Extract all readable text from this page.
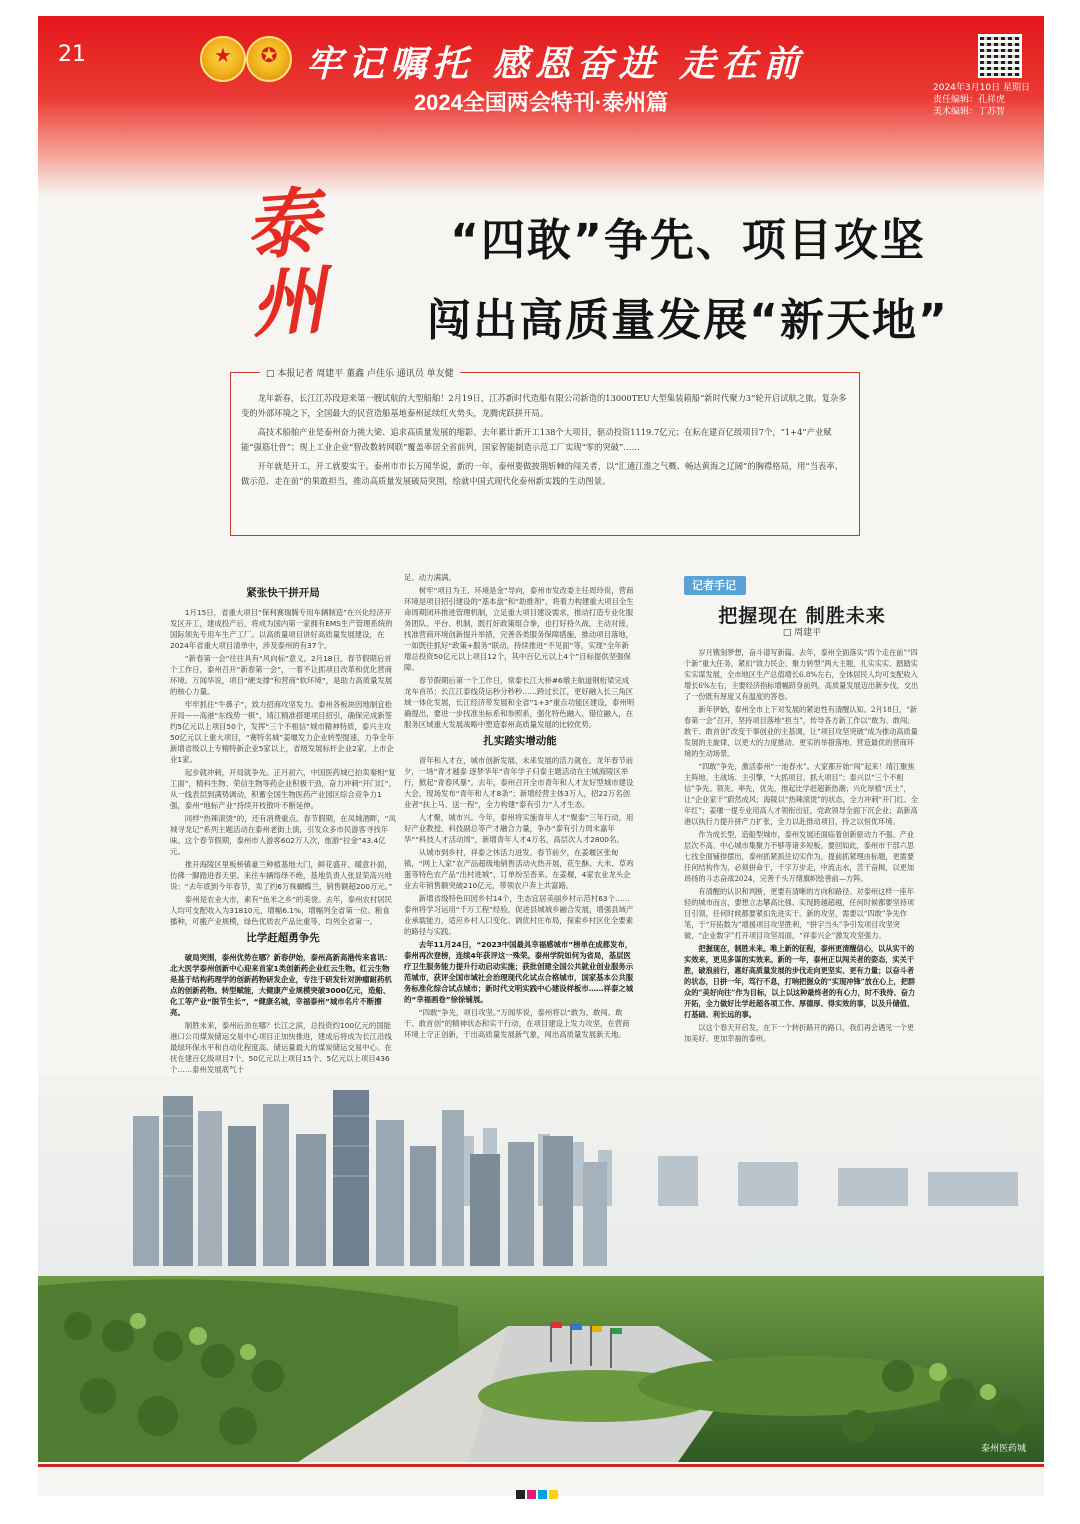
21	★	✪ 牢记嘱托 感恩奋进 走在前
2024全国两会特刊·泰州篇
2024年3月10日 星期日
责任编辑：孔祥虎
美术编辑：丁苏智
泰州
“四敢”争先、项目攻坚
闯出高质量发展“新天地”

龙年新春，长江江苏段迎来第一艘试航的大型船舶！2月19日，江苏新时代造船有限公司新造的13000TEU大型集装箱船“新时代聚力3”轮开启试航之旅。复杂多变的外部环境之下，全国最大的民营造船基地泰州延续红火势头，龙腾虎跃拼开局。

高技术船舶产业是泰州奋力挑大梁、追求高质量发展的缩影。去年累计新开工138个大项目，驱动投资1119.7亿元；在耘在建百亿级项目7个，“1+4”产业赋能“强筋壮骨”；规上工业企业“智改数转网联”覆盖率居全省前列，国家智能制造示范工厂实现“零的突破”……

开年就是开工，开工就要实干。泰州市市长万闻华说，新的一年，泰州要做披荆斩棘的闯关者，以“汇通江淮之气概、畅达黄海之辽阔”的胸襟格局，用“当表率、做示范、走在前”的果敢担当，推动高质量发展破局突围，绘就中国式现代化泰州新实践的生动图景。

□ 本报记者 周建平 董鑫 卢佳乐 通讯员 单友健
紧张快干拼开局

1月15日，省重大项目“保利赛瑞腾专用车辆制造”在兴化经济开发区开工，建成投产后，将成为国内第一家拥有EMS生产管理系统的国际领先专用车生产工厂。以高质量项目讲好高质量发展建设，在2024年省重大项目清单中，涉及泰州的有37个。

“新春第一会”往往具有“风向标”意义。2月18日，春节假期后首个工作日，泰州召开“新春第一会”，一着不让抓项目改革和优化营商环境。万闻华说，项目“硬支撑”和营商“软环境”，是助力高质量发展的核心力量。

牢牢抓住“牛鼻子”，致力招商攻坚发力。泰州各板块因地制宜抢开局——高港“东线势一棋”，靖江精准搭建项目招引，确保完成新签约5亿元以上项目50个，发挥“三个不相信”城市精神特质，泰兴主攻50亿元以上重大项目，“赛特名城”姜堰发力企业转型提速，力争全年新增省级以上专精特新企业5家以上，省级发展标杆企业2家，上市企业1家。

起步就冲刺，开局就争先。正月初六，中国医药城已拍卖秦相“复工面”，精科生物、荣信生物等药企业积极干劲，奋力冲刺“开门红”。从一线表层到满势调动，积蓄全国生物医药产业园区综合竞争力1强，泰州“地标产业”持续开枝散叶不断延伸。

同样“热辣滚烫”的，还有消费重点。春节假期，在凤城酒畔，“凤城寻龙记”系列主题活动在泰州老街上演，引发众多市民游客寻找年味。这个春节假期，泰州市人游客602万人次，旅游“拉金”43.4亿元。

推开海陵区里板桥镇豪兰种植基地大门，鲜花盛开、暖意扑面，仿佛一脚踏进春天里。来往车辆络绎不绝，基地负责人张显荣高兴地说：“去年底到今年春节，卖了约6万株蝴蝶兰，销售额超200万元。”

泰州是农业大市，素有“鱼米之乡”的美誉。去年，泰州农村居民人均可支配收入为31810元，增幅6.1%，增幅列全省第一位。粮食播种，可搬产业规模，绿色优质农产品比重等，均列全省第一。

比学赶超勇争先

破局突围，泰州优势在哪？新春伊始，泰州高新高港传来喜讯：北大医学泰州创新中心迎来首家1类创新药企业红云生物。红云生物是基于结构药理学的创新药物研发企业，专注于研发针对肿瘤耐药机点的创新药物。转型赋能，大健康产业规模突破3000亿元，造船、化工等产业“脱节生长”，“健康名城，幸福泰州”城市名片不断擦亮。

制胜未来，泰州后劲在哪？长江之滨，总投资约100亿元的国能港口公司煤炭储运交易中心项目正加快推进，建成后将成为长江沿线最绿环保水平和自动化程度高、储运量最大的煤炭储运交易中心。在抚在建百亿级项目7个、50亿元以上项目15个、5亿元以上项目436个……泰州发展底气十

足、动力满满。

树牢“项目为王、环境是金”导向，泰州市发改委主任周玲说，营商环境是项目招引建设的“基本盘”和“助推剂”，将着力构建重大项目全生命周期闭环推进管理机制，立足重大项目建设需求，推动打造专业化服务团队、平台、机制，既打好政策组合拳，也打好持久战，主动对接，找准营商环境创新提升举措，完善各类服务保障措施，推动项目落地，一如既往抓好“政策+服务”联动，持续推进“不见面”等，实现“全年新增总投资50亿元以上项目12个，其中百亿元以上4个”目标提供坚强保障。

春节假期后第一个工作日，常泰长江大桥#6墩主航道钢桁梁完成龙车首吊；长江江泰线货运秒分秒秒……跨过长江，更好融入长三角区域一体化发展，长江经济带发展和全省“1+3”重点功能区建设，泰州明确提出，要进一步找准坐标系和参照系，强化特色融入、错位融入，在服务区域重大发展战略中塑造泰州高质量发展的比较优势。

扎实踏实增动能

青年和人才在，城市创新发展、未来发展的活力就在。龙年春节前夕，一场“青才越泰 逐梦华年”青年学子归泰主题活动在主城海陵区举行，掀起“青春风暴”。去年，泰州召开全市青年和人才友好型城市建设大会，现场发布“青年和人才8条”；新增经营主体3万人，招22万名创业者“扶上马、送一程”，全力构建“泰有引力”人才生态。

人才聚，城市兴。今年，泰州将实施青年人才“聚泰”三年行动，用好产业教授、科技副总等产才融合力量，争办“泰有引力周末嘉年华”“科技人才活动周”，新增青年人才4万名，高层次人才2800名。

从城市到乡村，祥泰之休活力迸发。春节前夕，在姜堰区张甸镇，“网上人家”农产品超级地销售活动火热开展，花生酥、大米、草鸡蛋等特色农产品“出村进城”，订单纷至沓来。在姜堰，4家农业龙头企业去年销售额突破210亿元，带领农户奔上共富路。

新增省级特色田园乡村14个，生态宜居美丽乡村示范村63个……泰州将学习运用“千万工程”经验，促进县城城乡融合发展，增强县域产业承载能力，适应乡村人口变化、调优村庄布局，探索乡村区化全要素的路径与实践。

去年11月24日，“2023中国最具幸福感城市”榜单在成都发布，泰州再次登榜，连续4年获评这一殊荣。泰州学院如何为省局，基层医疗卫生服务能力提升行动启动实施；获批创建全国公共就业创业服务示范城市，获评全国市域社会治理现代化试点合格城市，国家基本公共服务标准化综合试点城市；新时代文明实践中心建设样板市……祥泰之城的“幸福画卷”徐徐铺展。

“四敢”争先，项目攻坚。”万闻华说，泰州将以“敢为、敢闯、敢干、敢首创”的精神状态和实干行动，在项目建设上发力攻坚，在营商环境上守正创新，干出高质量发展新气象，闯出高质量发展新天地。

记者手记
把握现在 制胜未来
□ 周建平

岁月镌刻梦想，奋斗谱写新篇。去年，泰州全面落实“四个走在前”“四个新”重大任务，紧扣“致力民企、聚力转型”两大主题，扎实实实、踏踏实实实谋发展，全市地区生产总值增长6.8%左右，全体居民人均可支配收入增长6%左右，主要经济指标增幅跻身前列，高质量发展迈出新步伐，交出了一份既有厚度又有温度的答卷。

新年伊始，泰州全市上下对发展的紧迫性有清醒认知。2月18日，“新春第一会”召开，坚持项目落地“担当”，传导各方新工作以“敢为、敢闯、敢干、敢首创”改变干事创业的主基调，让“项目攻坚突破”成为推动高质量发展的主旋律，以更大的力度推动、更实的举措落地、营造最优的营商环境的生动场景。

“四敢”争先，激活泰州“一池春水”。大家都开始“闯”起来！靖江聚焦主阵地、主战场、主引擎，“大抓项目、抓大项目”；泰兴以“三个不相信”争先、领先、率先，优先，推起比学赶超新热潮；兴化厚植“沃土”，让“企业家干”蔚然成风；海陵以“热辣滚烫”的状态，全力冲刺“开门红、全年红”；姜堰一提专业用高人才领衔出征，党政领导全面下沉企业；高新高港以执行力提升拼产力扩张，全力以赴推动项目，持之以恒优环境。

作为成长型，造船型城市，泰州发展还面临着创新驱动力不强、产业层次不高、中心城市集聚力不够等诸多短板。要回如此，泰州市干部六思七找全面铺排摆出，泰州抓紧抓住切实作为，提前抓紧理由标题，更需要任何结构作为，必须拼命干，千字万步走，中流击水，苦干奋楫，以更加昂扬的斗志奋战2024，完善千头万绪旗帜绘善前—方阵。

有清醒的认识和判断，更要有清晰的方向和路径。对泰州这样一座年轻的城市而言，要想立志攀高比强、实现跨越超越，任何时候都要坚持项目引领，任何时候都要紧扣先进实干。新的攻坚，需要以“四敢”争先作笔，于“开拓数为”增援项目攻坚胜利，“拼字当头”争引发项目攻坚突破，“企业数字”打开项目攻坚局面，“祥泰兴企”激发攻坚强力。

把握现在，制胜未来。唯上新的征程，泰州更清醒信心，以从实干的实效来，更见多谋的实效来。新的一年，泰州正以闯关者的姿态，实关干胜，破浪前行，惠好高质量发展的步伐走向更坚实、更有力量；以奋斗者的状态，日拼一年，笃行不息，打响把握众的“实现冲锋”放在心上，把群众的“美好向往”作为目标，以上以这种最终者的有心力，时不我待、奋力开拓，全力做好比学赶超各项工作、厚德厚、得实效的事，以及升储值、打基础、利长远的事。

以这个春天开启发，在下一个转折路开的路口，我们再会遇见一个更加美好、更加幸福的泰州。

泰州医药城
